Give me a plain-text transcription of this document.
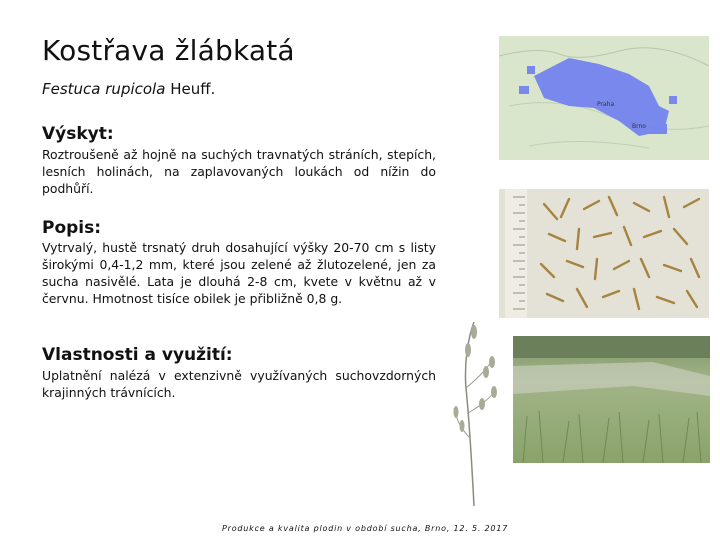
Kostřava žlábkatá
Festuca rupicola Heuff.
Výskyt:
Roztroušeně až hojně na suchých travnatých stráních, stepích, lesních holinách, na zaplavovaných loukách od nížin do podhůří.
Popis:
Vytrvalý, hustě trsnatý druh dosahující výšky 20-70 cm s listy širokými 0,4-1,2 mm, které jsou zelené až žlutozelené, jen za sucha nasivělé. Lata je dlouhá 2-8 cm, kvete v květnu až v červnu. Hmotnost tisíce obilek je přibližně 0,8 g.
Vlastnosti a využití:
Uplatnění nalézá v extenzivně využívaných suchovzdorných krajinných trávnících.
Praha
Brno
Produkce a kvalita plodin v období sucha, Brno, 12. 5. 2017
